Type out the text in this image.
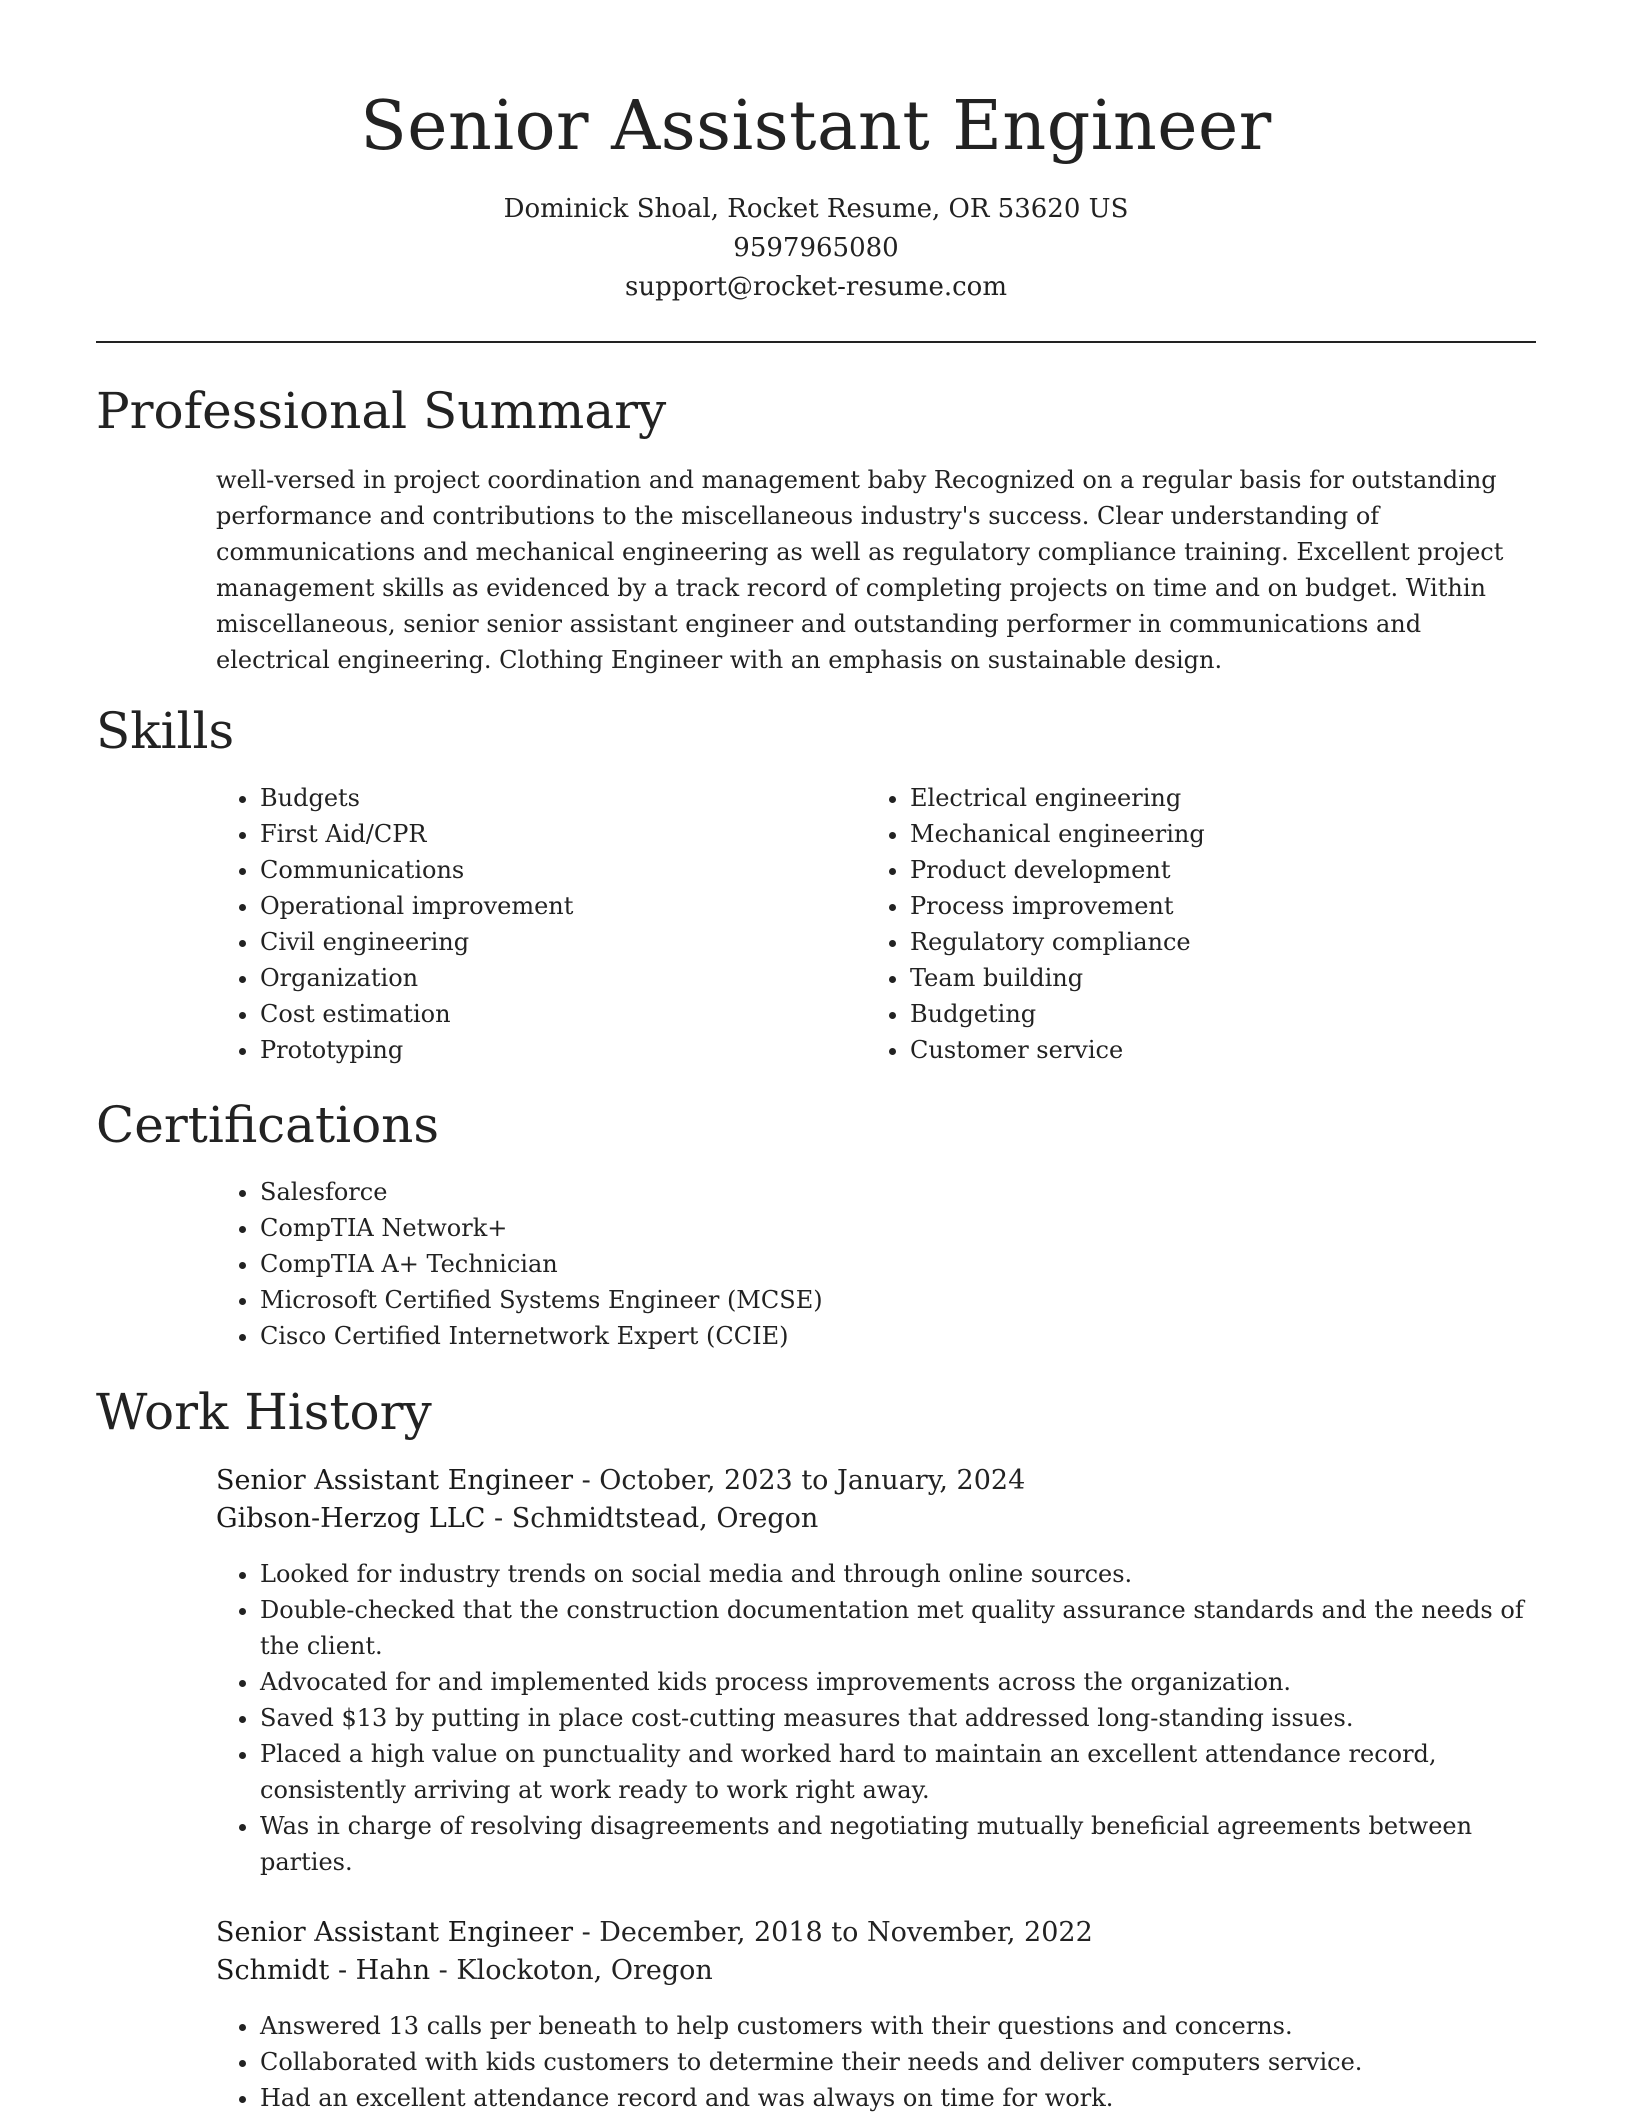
Senior Assistant Engineer
Dominick Shoal, Rocket Resume, OR 53620 US
9597965080
support@rocket-resume.com
Professional Summary

well-versed in project coordination and management baby Recognized on a regular basis for outstanding performance and contributions to the miscellaneous industry's success. Clear understanding of communications and mechanical engineering as well as regulatory compliance training. Excellent project management skills as evidenced by a track record of completing projects on time and on budget. Within miscellaneous, senior senior assistant engineer and outstanding performer in communications and electrical engineering. Clothing Engineer with an emphasis on sustainable design.

Skills
• Budgets
• First Aid/CPR
• Communications
• Operational improvement
• Civil engineering
• Organization
• Cost estimation
• Prototyping
• Electrical engineering
• Mechanical engineering
• Product development
• Process improvement
• Regulatory compliance
• Team building
• Budgeting
• Customer service
Certifications
• Salesforce
• CompTIA Network+
• CompTIA A+ Technician
• Microsoft Certified Systems Engineer (MCSE)
• Cisco Certified Internetwork Expert (CCIE)
Work History
Senior Assistant Engineer - October, 2023 to January, 2024
Gibson-Herzog LLC - Schmidtstead, Oregon
• Looked for industry trends on social media and through online sources.
• Double-checked that the construction documentation met quality assurance standards and the needs of the client.
• Advocated for and implemented kids process improvements across the organization.
• Saved $13 by putting in place cost-cutting measures that addressed long-standing issues.
• Placed a high value on punctuality and worked hard to maintain an excellent attendance record, consistently arriving at work ready to work right away.
• Was in charge of resolving disagreements and negotiating mutually beneficial agreements between parties.
Senior Assistant Engineer - December, 2018 to November, 2022
Schmidt - Hahn - Klockoton, Oregon
• Answered 13 calls per beneath to help customers with their questions and concerns.
• Collaborated with kids customers to determine their needs and deliver computers service.
• Had an excellent attendance record and was always on time for work.
